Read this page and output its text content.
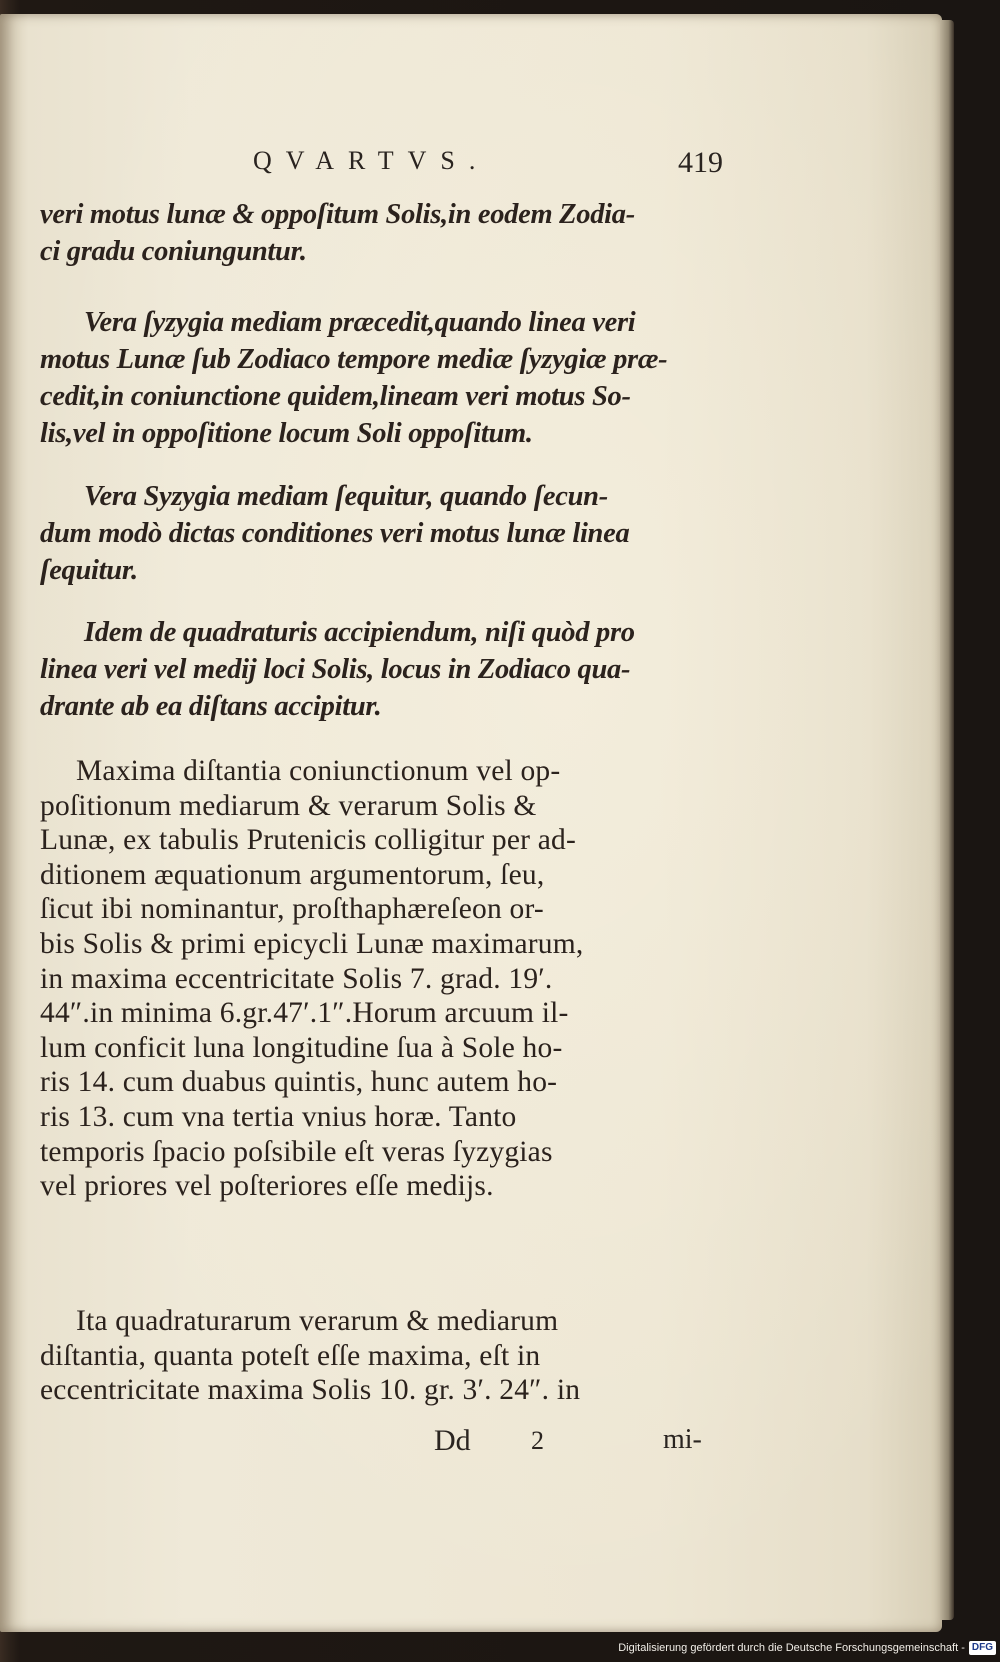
QVARTVS.	419
veri motus lunæ & oppoſitum Solis,in eodem Zodia-
ci gradu coniunguntur.
Vera ſyzygia mediam præcedit,quando linea veri
motus Lunæ ſub Zodiaco tempore mediæ ſyzygiæ præ-
cedit,in coniunctione quidem,lineam veri motus So-
lis,vel in oppoſitione locum Soli oppoſitum.
Vera Syzygia mediam ſequitur, quando ſecun-
dum modò dictas conditiones veri motus lunæ linea
ſequitur.
Idem de quadraturis accipiendum, niſi quòd pro
linea veri vel medij loci Solis, locus in Zodiaco qua-
drante ab ea diſtans accipitur.
Maxima diſtantia coniunctionum vel op-
poſitionum mediarum & verarum Solis &
Lunæ, ex tabulis Prutenicis colligitur per ad-
ditionem æquationum argumentorum, ſeu,
ſicut ibi nominantur, proſthaphæreſeon or-
bis Solis & primi epicycli Lunæ maximarum,
in maxima eccentricitate Solis 7. grad. 19′.
44″.in minima 6.gr.47′.1″.Horum arcuum il-
lum conficit luna longitudine ſua à Sole ho-
ris 14. cum duabus quintis, hunc autem ho-
ris 13. cum vna tertia vnius horæ. Tanto
temporis ſpacio poſsibile eſt veras ſyzygias
vel priores vel poſteriores eſſe medijs.
Ita quadraturarum verarum & mediarum
diſtantia, quanta poteſt eſſe maxima, eſt in
eccentricitate maxima Solis 10. gr. 3′. 24″. in
Dd 2	mi-
Digitalisierung gefördert durch die Deutsche Forschungsgemeinschaft - DFG
